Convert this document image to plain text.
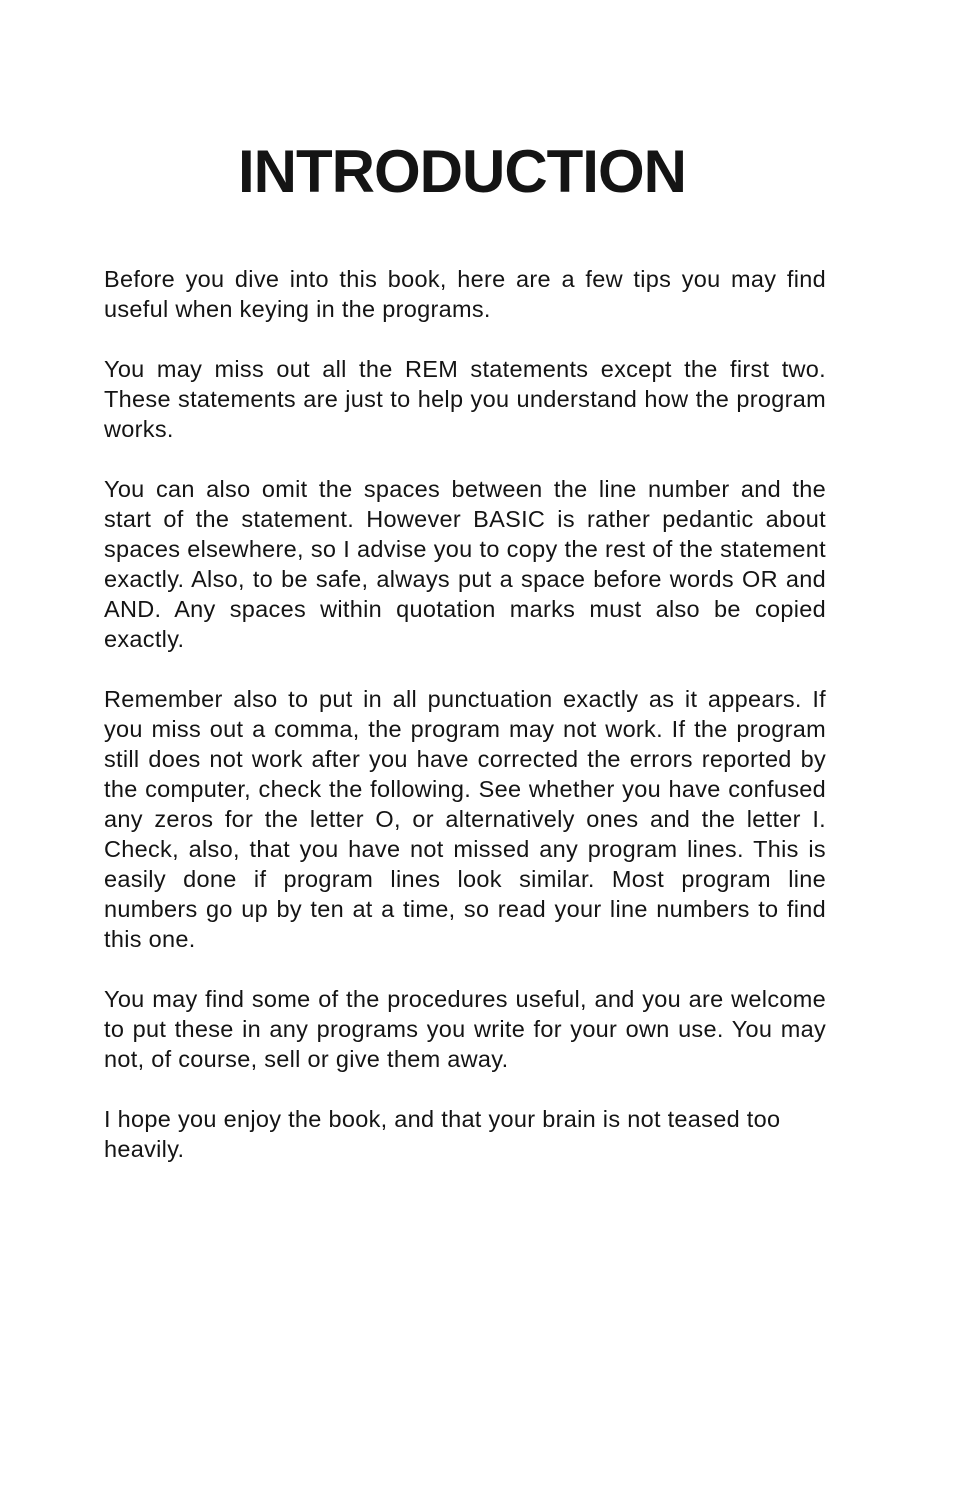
INTRODUCTION

Before you dive into this book, here are a few tips you may find useful when keying in the programs.

You may miss out all the REM statements except the first two. These statements are just to help you understand how the program works.

You can also omit the spaces between the line number and the start of the statement. However BASIC is rather pedantic about spaces elsewhere, so I advise you to copy the rest of the statement exactly. Also, to be safe, always put a space before words OR and AND. Any spaces within quotation marks must also be copied exactly.

Remember also to put in all punctuation exactly as it appears. If you miss out a comma, the program may not work. If the program still does not work after you have corrected the errors reported by the computer, check the following. See whether you have confused any zeros for the letter O, or alternatively ones and the letter I. Check, also, that you have not missed any program lines. This is easily done if program lines look similar. Most program line numbers go up by ten at a time, so read your line numbers to find this one.

You may find some of the procedures useful, and you are welcome to put these in any programs you write for your own use. You may not, of course, sell or give them away.

I hope you enjoy the book, and that your brain is not teased too heavily.
